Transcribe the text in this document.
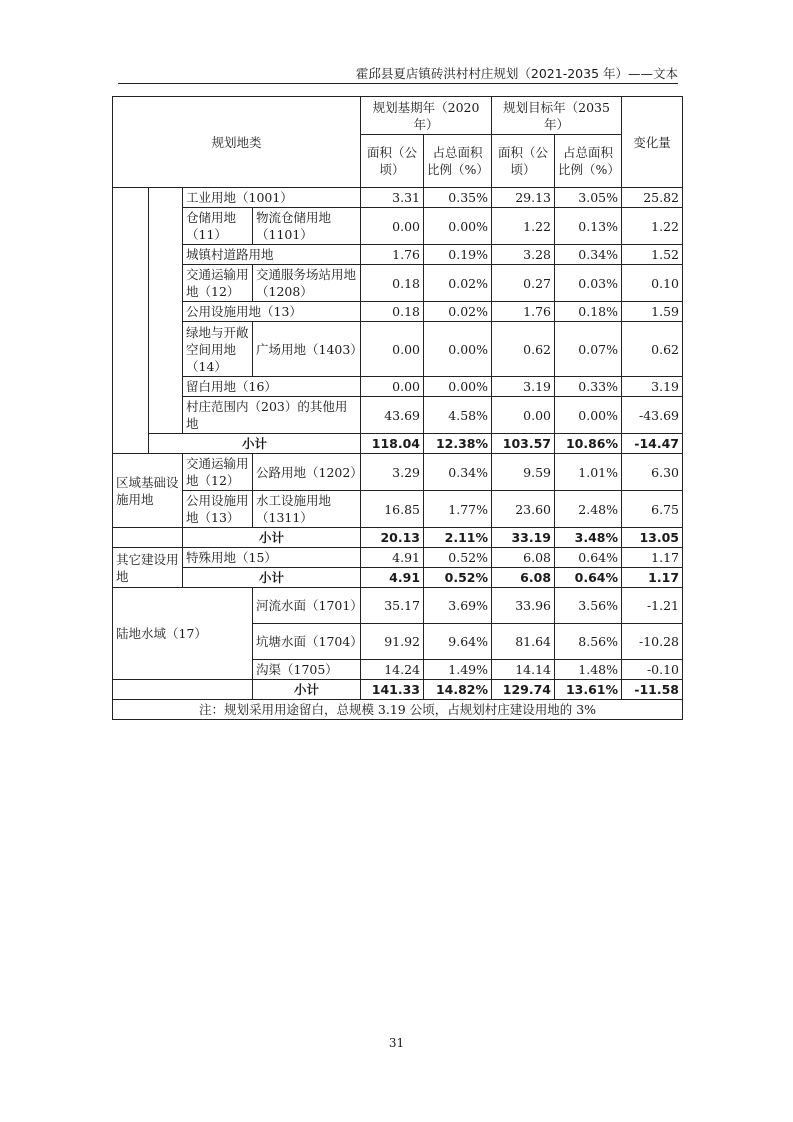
霍邱县夏店镇砖洪村村庄规划（2021-2035 年）——文本
规划地类				规划基期年（2020年）		规划目标年（2035年）		变化量
				面积（公顷）	占总面积比例（%）	面积（公顷）	占总面积比例（%）	
		工业用地（1001）		3.31	0.35%	29.13	3.05%	25.82
		仓储用地（11）	物流仓储用地（1101）	0.00	0.00%	1.22	0.13%	1.22
		城镇村道路用地		1.76	0.19%	3.28	0.34%	1.52
		交通运输用地（12）	交通服务场站用地（1208）	0.18	0.02%	0.27	0.03%	0.10
		公用设施用地（13）		0.18	0.02%	1.76	0.18%	1.59
		绿地与开敞空间用地（14）	广场用地（1403）	0.00	0.00%	0.62	0.07%	0.62
		留白用地（16）		0.00	0.00%	3.19	0.33%	3.19
		村庄范围内（203）的其他用地		43.69	4.58%	0.00	0.00%	-43.69
	小计			118.04	12.38%	103.57	10.86%	-14.47
区域基础设施用地		交通运输用地（12）	公路用地（1202）	3.29	0.34%	9.59	1.01%	6.30
		公用设施用地（13）	水工设施用地（1311）	16.85	1.77%	23.60	2.48%	6.75
		小计		20.13	2.11%	33.19	3.48%	13.05
其它建设用地		特殊用地（15）		4.91	0.52%	6.08	0.64%	1.17
		小计		4.91	0.52%	6.08	0.64%	1.17
陆地水域（17）			河流水面（1701）	35.17	3.69%	33.96	3.56%	-1.21
			坑塘水面（1704）	91.92	9.64%	81.64	8.56%	-10.28
			沟渠（1705）	14.24	1.49%	14.14	1.48%	-0.10
			小计	141.33	14.82%	129.74	13.61%	-11.58
注：规划采用用途留白，总规模 3.19 公顷，占规划村庄建设用地的 3%								
31
